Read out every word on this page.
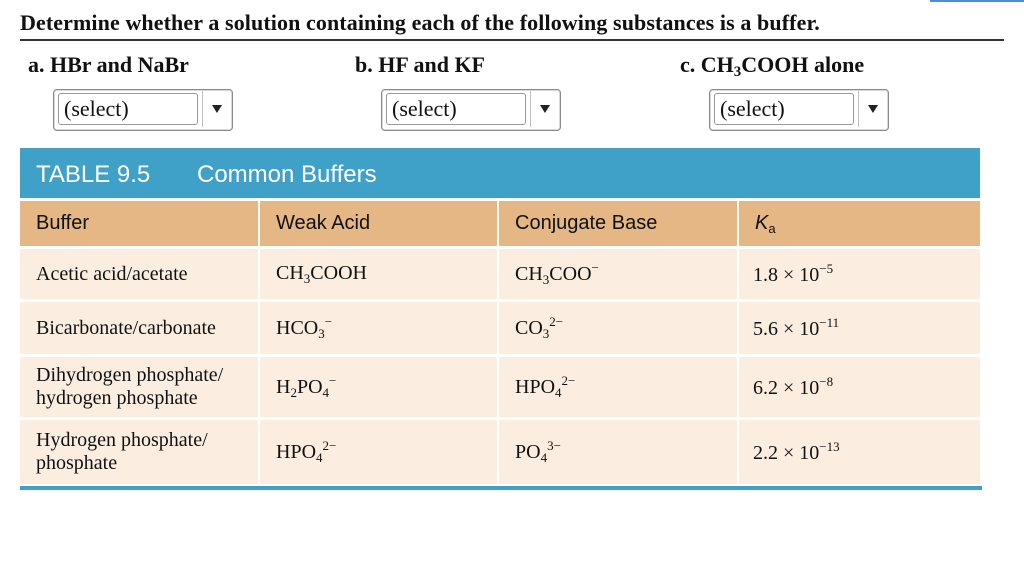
Determine whether a solution containing each of the following substances is a buffer.
a. HBr and NaBr	b. HF and KF	c. $CH_3COOH$ alone
(select)	(select)	(select)
TABLE 9.5 Common Buffers
Buffer	Weak Acid	Conjugate Base	$K_a$
Acetic acid/acetate	$CH_3COOH$	$CH_3COO^-$	$1.8 \times 10^{-5}$
Bicarbonate/carbonate	$HCO_3^-$	$CO_3^{2-}$	$5.6 \times 10^{-11}$
Dihydrogen phosphate/
hydrogen phosphate	$H_2PO_4^-$	$HPO_4^{2-}$	$6.2 \times 10^{-8}$
Hydrogen phosphate/
phosphate	$HPO_4^{2-}$	$PO_4^{3-}$	$2.2 \times 10^{-13}$
